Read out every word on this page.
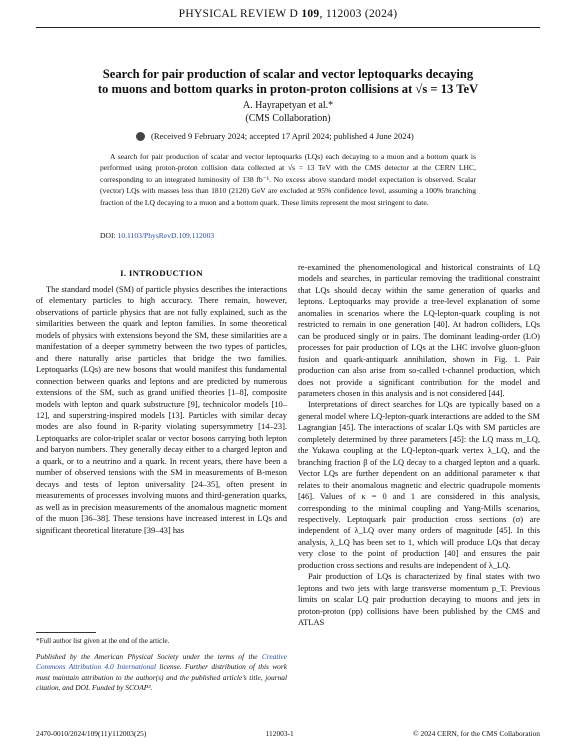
PHYSICAL REVIEW D 109, 112003 (2024)
Search for pair production of scalar and vector leptoquarks decaying
to muons and bottom quarks in proton-proton collisions at √s = 13 TeV
A. Hayrapetyan et al.*
(CMS Collaboration)
(Received 9 February 2024; accepted 17 April 2024; published 4 June 2024)
A search for pair production of scalar and vector leptoquarks (LQs) each decaying to a muon and a bottom quark is performed using proton-proton collision data collected at √s = 13 TeV with the CMS detector at the CERN LHC, corresponding to an integrated luminosity of 138 fb⁻¹. No excess above standard model expectation is observed. Scalar (vector) LQs with masses less than 1810 (2120) GeV are excluded at 95% confidence level, assuming a 100% branching fraction of the LQ decaying to a muon and a bottom quark. These limits represent the most stringent to date.
DOI: 10.1103/PhysRevD.109.112003
I. INTRODUCTION

The standard model (SM) of particle physics describes the interactions of elementary particles to high accuracy. There remain, however, observations of particle physics that are not fully explained, such as the similarities between the quark and lepton families. In some theoretical models of physics with extensions beyond the SM, these similarities are a manifestation of a deeper symmetry between the two types of particles, and there naturally arise particles that bridge the two families. Leptoquarks (LQs) are new bosons that would manifest this fundamental connection between quarks and leptons and are predicted by numerous extensions of the SM, such as grand unified theories [1–8], composite models with lepton and quark substructure [9], technicolor models [10–12], and superstring-inspired models [13]. Particles with similar decay modes are also found in R-parity violating supersymmetry [14–23]. Leptoquarks are color-triplet scalar or vector bosons carrying both lepton and baryon numbers. They generally decay either to a charged lepton and a quark, or to a neutrino and a quark. In recent years, there have been a number of observed tensions with the SM in measurements of B-meson decays and tests of lepton universality [24–35], often present in measurements of processes involving muons and third-generation quarks, as well as in precision measurements of the anomalous magnetic moment of the muon [36–38]. These tensions have increased interest in LQs and significant theoretical literature [39–43] has

*Full author list given at the end of the article.
Published by the American Physical Society under the terms of the Creative Commons Attribution 4.0 International license. Further distribution of this work must maintain attribution to the author(s) and the published article’s title, journal citation, and DOI. Funded by SCOAP³.

re-examined the phenomenological and historical constraints of LQ models and searches, in particular removing the traditional constraint that LQs should decay within the same generation of quarks and leptons. Leptoquarks may provide a tree-level explanation of some anomalies in scenarios where the LQ-lepton-quark coupling is not restricted to remain in one generation [40]. At hadron colliders, LQs can be produced singly or in pairs. The dominant leading-order (LO) processes for pair production of LQs at the LHC involve gluon-gluon fusion and quark-antiquark annihilation, shown in Fig. 1. Pair production can also arise from so-called t-channel production, which does not provide a significant contribution for the model and parameters chosen in this analysis and is not considered [44].

Interpretations of direct searches for LQs are typically based on a general model where LQ-lepton-quark interactions are added to the SM Lagrangian [45]. The interactions of scalar LQs with SM particles are completely determined by three parameters [45]: the LQ mass m_LQ, the Yukawa coupling at the LQ-lepton-quark vertex λ_LQ, and the branching fraction β of the LQ decay to a charged lepton and a quark. Vector LQs are further dependent on an additional parameter κ that relates to their anomalous magnetic and electric quadrupole moments [46]. Values of κ = 0 and 1 are considered in this analysis, corresponding to the minimal coupling and Yang-Mills scenarios, respectively. Leptoquark pair production cross sections (σ) are independent of λ_LQ over many orders of magnitude [45]. In this analysis, λ_LQ has been set to 1, which will produce LQs that decay very close to the point of production [40] and ensures the pair production cross sections and results are independent of λ_LQ.

Pair production of LQs is characterized by final states with two leptons and two jets with large transverse momentum p_T. Previous limits on scalar LQ pair production decaying to muons and jets in proton-proton (pp) collisions have been published by the CMS and ATLAS

2470-0010/2024/109(11)/112003(25)	112003-1	© 2024 CERN, for the CMS Collaboration
